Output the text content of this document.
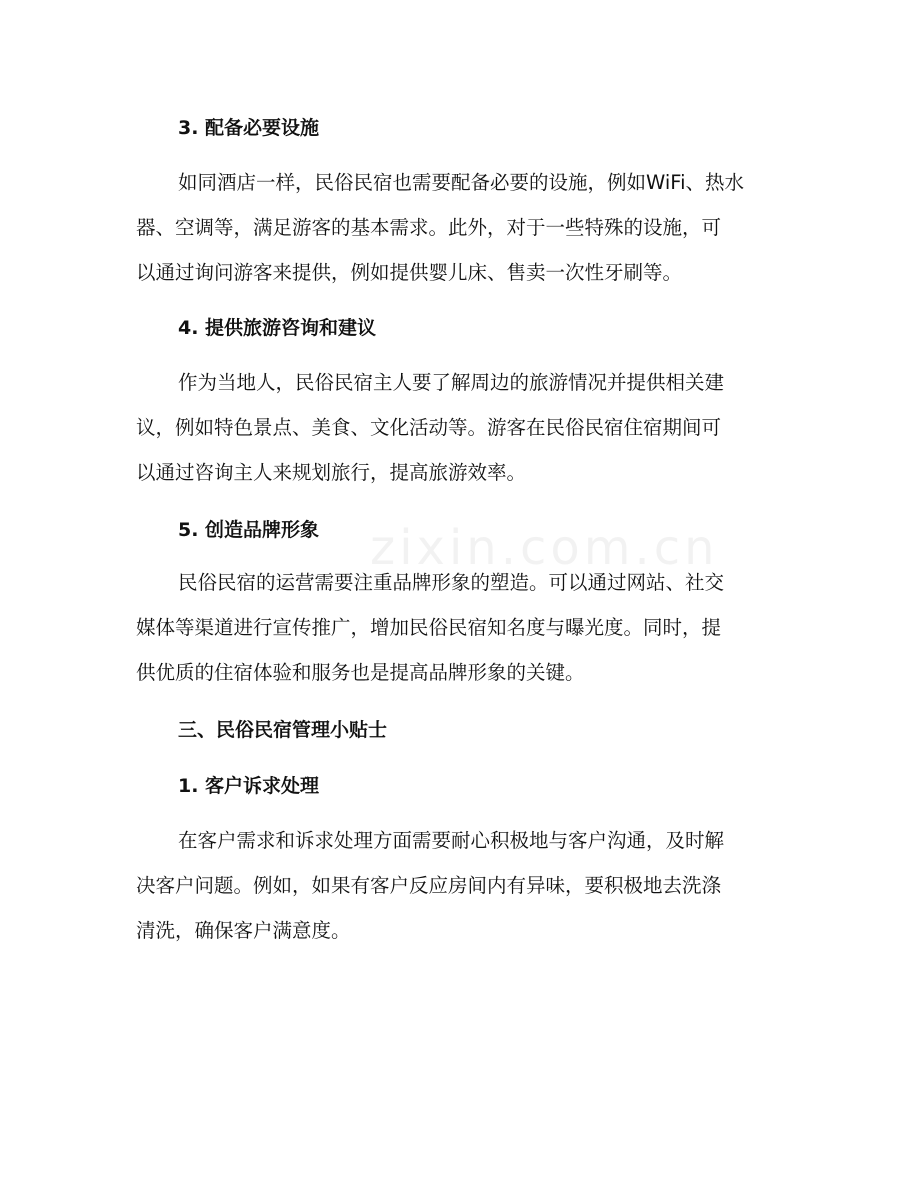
zixin.com.cn
3. 配备必要设施
如同酒店一样，民俗民宿也需要配备必要的设施，例如WiFi、热水
器、空调等，满足游客的基本需求。此外，对于一些特殊的设施，可
以通过询问游客来提供，例如提供婴儿床、售卖一次性牙刷等。
4. 提供旅游咨询和建议
作为当地人，民俗民宿主人要了解周边的旅游情况并提供相关建
议，例如特色景点、美食、文化活动等。游客在民俗民宿住宿期间可
以通过咨询主人来规划旅行，提高旅游效率。
5. 创造品牌形象
民俗民宿的运营需要注重品牌形象的塑造。可以通过网站、社交
媒体等渠道进行宣传推广，增加民俗民宿知名度与曝光度。同时，提
供优质的住宿体验和服务也是提高品牌形象的关键。
三、民俗民宿管理小贴士
1. 客户诉求处理
在客户需求和诉求处理方面需要耐心积极地与客户沟通，及时解
决客户问题。例如，如果有客户反应房间内有异味，要积极地去洗涤
清洗，确保客户满意度。
